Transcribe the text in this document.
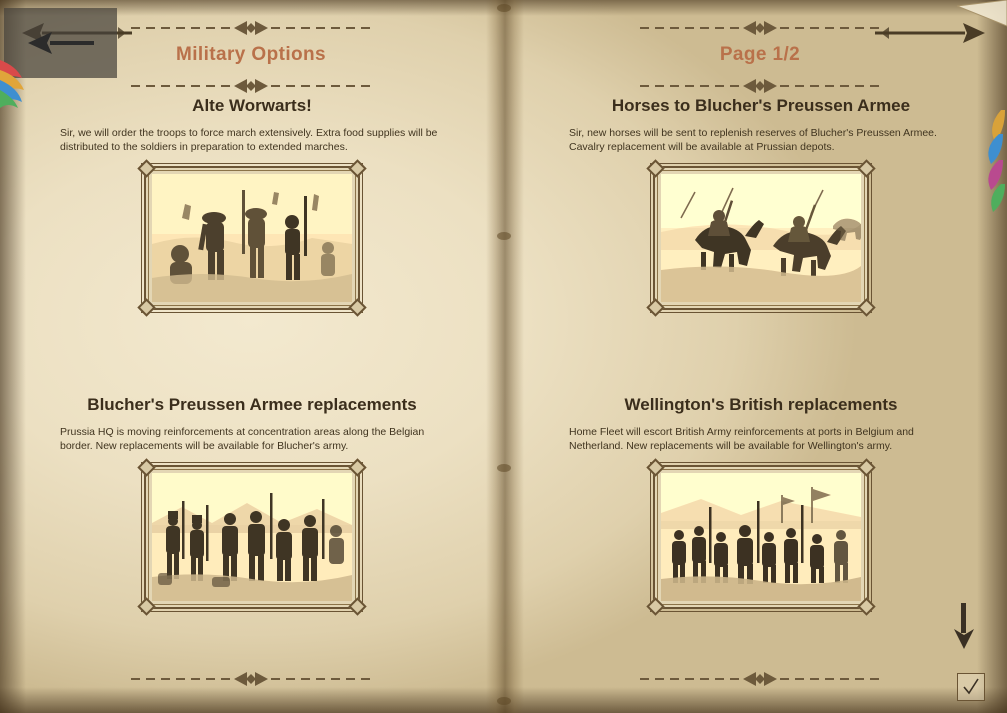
Military Options
Alte Worwarts!
Sir, we will order the troops to force march extensively. Extra food supplies will be distributed to the soldiers in preparation to extended marches.
Blucher's Preussen Armee replacements
Prussia HQ is moving reinforcements at concentration areas along the Belgian border. New replacements will be available for Blucher's army.
Page 1/2
Horses to Blucher's Preussen Armee
Sir, new horses will be sent to replenish reserves of Blucher's Preussen Armee. Cavalry replacement will be available at Prussian depots.
Wellington's British replacements
Home Fleet will escort British Army reinforcements at ports in Belgium and Netherland. New replacements will be available for Wellington's army.
